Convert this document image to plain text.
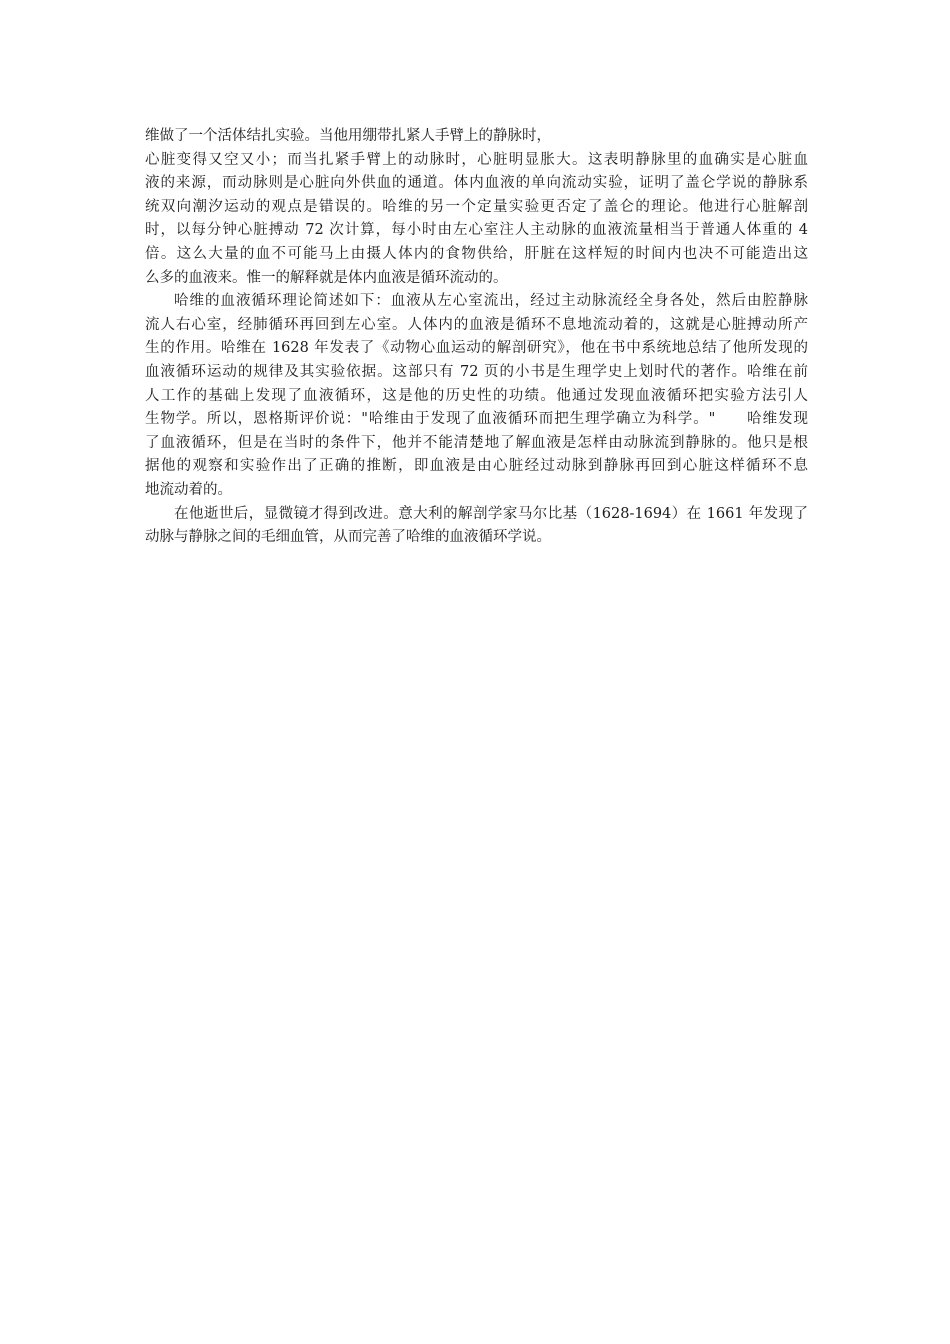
维做了一个活体结扎实验。当他用绷带扎紧人手臂上的静脉时，
心脏变得又空又小；而当扎紧手臂上的动脉时，心脏明显胀大。这表明静脉里的血确实是心脏血
液的来源，而动脉则是心脏向外供血的通道。体内血液的单向流动实验，证明了盖仑学说的静脉系
统双向潮汐运动的观点是错误的。哈维的另一个定量实验更否定了盖仑的理论。他进行心脏解剖
时，以每分钟心脏搏动 72 次计算，每小时由左心室注人主动脉的血液流量相当于普通人体重的 4
倍。这么大量的血不可能马上由摄人体内的食物供给，肝脏在这样短的时间内也决不可能造出这
么多的血液来。惟一的解释就是体内血液是循环流动的。
哈维的血液循环理论简述如下：血液从左心室流出，经过主动脉流经全身各处，然后由腔静脉
流人右心室，经肺循环再回到左心室。人体内的血液是循环不息地流动着的，这就是心脏搏动所产
生的作用。哈维在 1628 年发表了《动物心血运动的解剖研究》，他在书中系统地总结了他所发现的
血液循环运动的规律及其实验依据。这部只有 72 页的小书是生理学史上划时代的著作。哈维在前
人工作的基础上发现了血液循环，这是他的历史性的功绩。他通过发现血液循环把实验方法引人
生物学。所以，恩格斯评价说："哈维由于发现了血液循环而把生理学确立为科学。"　　哈维发现
了血液循环，但是在当时的条件下，他并不能清楚地了解血液是怎样由动脉流到静脉的。他只是根
据他的观察和实验作出了正确的推断，即血液是由心脏经过动脉到静脉再回到心脏这样循环不息
地流动着的。
在他逝世后，显微镜才得到改进。意大利的解剖学家马尔比基（1628-1694）在 1661 年发现了
动脉与静脉之间的毛细血管，从而完善了哈维的血液循环学说。
